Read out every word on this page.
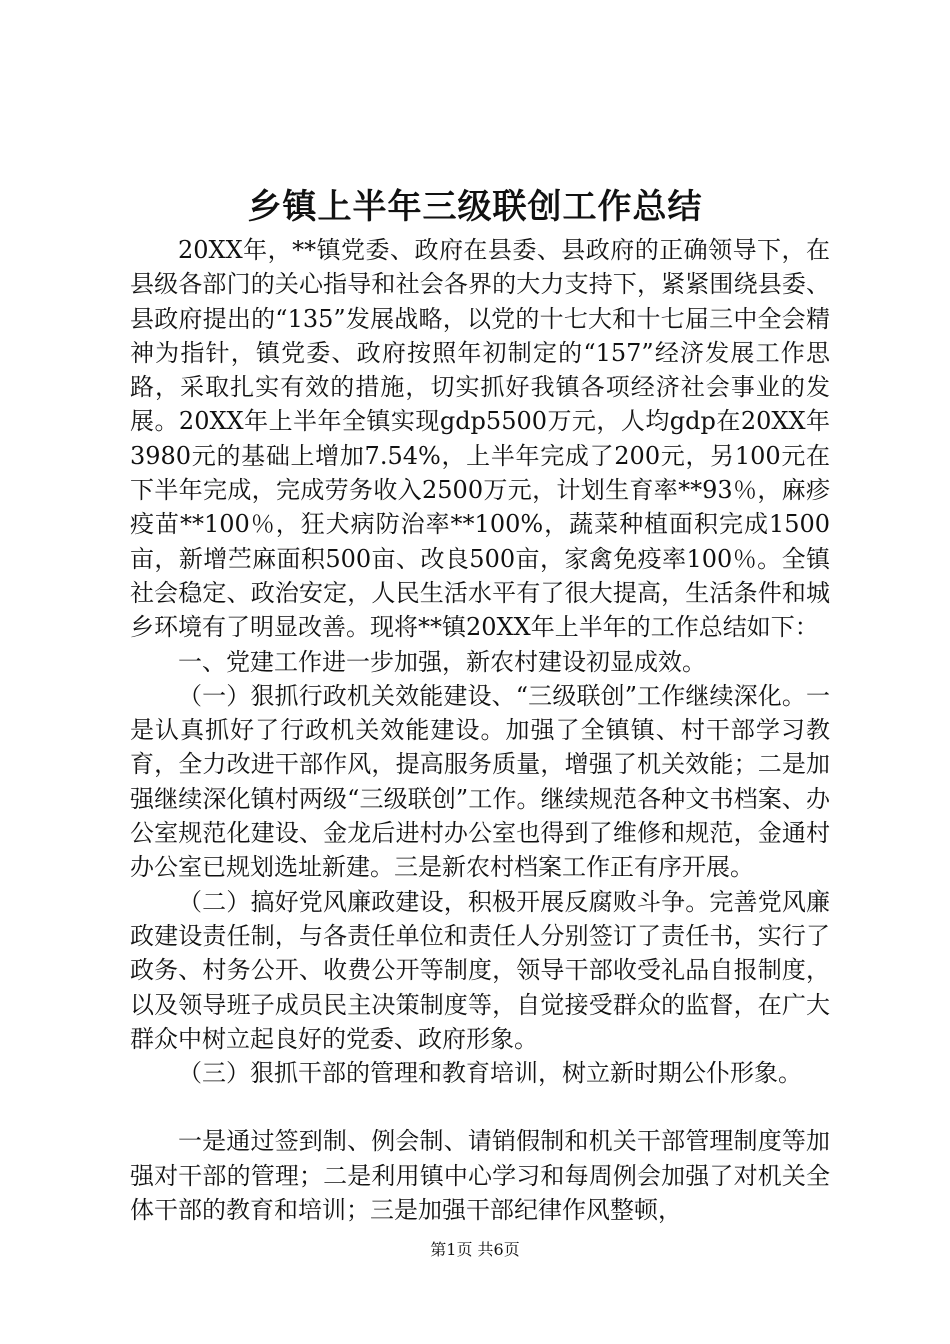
乡镇上半年三级联创工作总结

20XX年，**镇党委、政府在县委、县政府的正确领导下，在县级各部门的关心指导和社会各界的大力支持下，紧紧围绕县委、县政府提出的“135”发展战略，以党的十七大和十七届三中全会精神为指针，镇党委、政府按照年初制定的“157”经济发展工作思路，采取扎实有效的措施，切实抓好我镇各项经济社会事业的发展。20XX年上半年全镇实现gdp5500万元，人均gdp在20XX年3980元的基础上增加7.54%，上半年完成了200元，另100元在下半年完成，完成劳务收入2500万元，计划生育率**93％，麻疹疫苗**100％，狂犬病防治率**100%，蔬菜种植面积完成1500亩，新增苎麻面积500亩、改良500亩，家禽免疫率100％。全镇社会稳定、政治安定，人民生活水平有了很大提高，生活条件和城乡环境有了明显改善。现将**镇20XX年上半年的工作总结如下：

一、党建工作进一步加强，新农村建设初显成效。

（一）狠抓行政机关效能建设、“三级联创”工作继续深化。一是认真抓好了行政机关效能建设。加强了全镇镇、村干部学习教育，全力改进干部作风，提高服务质量，增强了机关效能；二是加强继续深化镇村两级“三级联创”工作。继续规范各种文书档案、办公室规范化建设、金龙后进村办公室也得到了维修和规范，金通村办公室已规划选址新建。三是新农村档案工作正有序开展。

（二）搞好党风廉政建设，积极开展反腐败斗争。完善党风廉政建设责任制，与各责任单位和责任人分别签订了责任书，实行了政务、村务公开、收费公开等制度，领导干部收受礼品自报制度，以及领导班子成员民主决策制度等，自觉接受群众的监督，在广大群众中树立起良好的党委、政府形象。

（三）狠抓干部的管理和教育培训，树立新时期公仆形象。

一是通过签到制、例会制、请销假制和机关干部管理制度等加强对干部的管理；二是利用镇中心学习和每周例会加强了对机关全体干部的教育和培训；三是加强干部纪律作风整顿，

第1页 共6页
